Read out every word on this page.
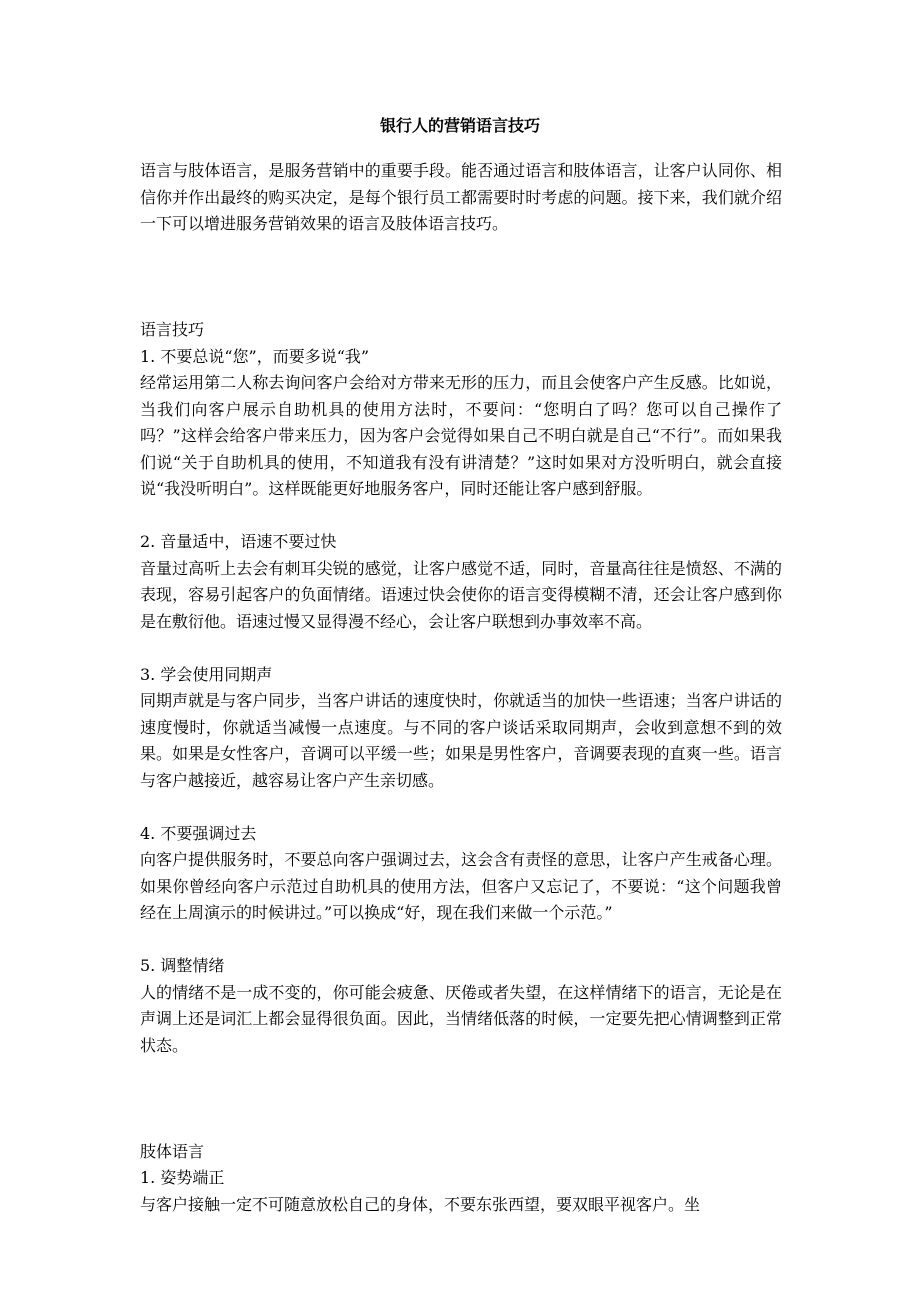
银行人的营销语言技巧

语言与肢体语言，是服务营销中的重要手段。能否通过语言和肢体语言，让客户认同你、相信你并作出最终的购买决定，是每个银行员工都需要时时考虑的问题。接下来，我们就介绍一下可以增进服务营销效果的语言及肢体语言技巧。

语言技巧

1. 不要总说“您”，而要多说“我”

经常运用第二人称去询问客户会给对方带来无形的压力，而且会使客户产生反感。比如说，当我们向客户展示自助机具的使用方法时，不要问：“您明白了吗？您可以自己操作了吗？”这样会给客户带来压力，因为客户会觉得如果自己不明白就是自己“不行”。而如果我们说“关于自助机具的使用，不知道我有没有讲清楚？”这时如果对方没听明白，就会直接说“我没听明白”。这样既能更好地服务客户，同时还能让客户感到舒服。

2. 音量适中，语速不要过快

音量过高听上去会有刺耳尖锐的感觉，让客户感觉不适，同时，音量高往往是愤怒、不满的表现，容易引起客户的负面情绪。语速过快会使你的语言变得模糊不清，还会让客户感到你是在敷衍他。语速过慢又显得漫不经心，会让客户联想到办事效率不高。

3. 学会使用同期声

同期声就是与客户同步，当客户讲话的速度快时，你就适当的加快一些语速；当客户讲话的速度慢时，你就适当减慢一点速度。与不同的客户谈话采取同期声，会收到意想不到的效果。如果是女性客户，音调可以平缓一些；如果是男性客户，音调要表现的直爽一些。语言与客户越接近，越容易让客户产生亲切感。

4. 不要强调过去

向客户提供服务时，不要总向客户强调过去，这会含有责怪的意思，让客户产生戒备心理。如果你曾经向客户示范过自助机具的使用方法，但客户又忘记了，不要说：“这个问题我曾经在上周演示的时候讲过。”可以换成“好，现在我们来做一个示范。”

5. 调整情绪

人的情绪不是一成不变的，你可能会疲惫、厌倦或者失望，在这样情绪下的语言，无论是在声调上还是词汇上都会显得很负面。因此，当情绪低落的时候，一定要先把心情调整到正常状态。

肢体语言

1. 姿势端正

与客户接触一定不可随意放松自己的身体，不要东张西望，要双眼平视客户。坐
